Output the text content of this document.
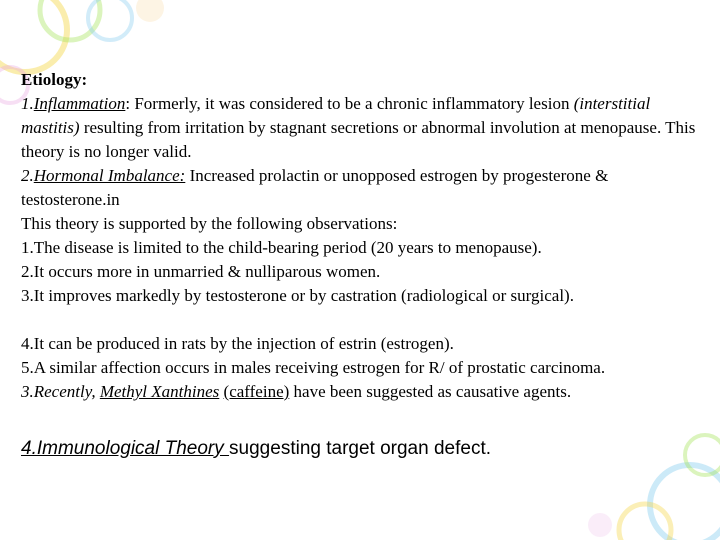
Etiology:

1.Inflammation: Formerly, it was considered to be a chronic inflammatory lesion (interstitial mastitis) resulting from irritation by stagnant secretions or abnormal involution at menopause. This theory is no longer valid.

2.Hormonal Imbalance: Increased prolactin or unopposed estrogen by progesterone & testosterone.in

This theory is supported by the following observations:

1.The disease is limited to the child-bearing period (20 years to menopause).

2.It occurs more in unmarried & nulliparous women.

3.It improves markedly by testosterone or by castration (radiological or surgical).

4.It can be produced in rats by the injection of estrin (estrogen).

5.A similar affection occurs in males receiving estrogen for R/ of prostatic carcinoma.

3.Recently, Methyl Xanthines (caffeine) have been suggested as causative agents.

4.Immunological Theory suggesting target organ defect.
